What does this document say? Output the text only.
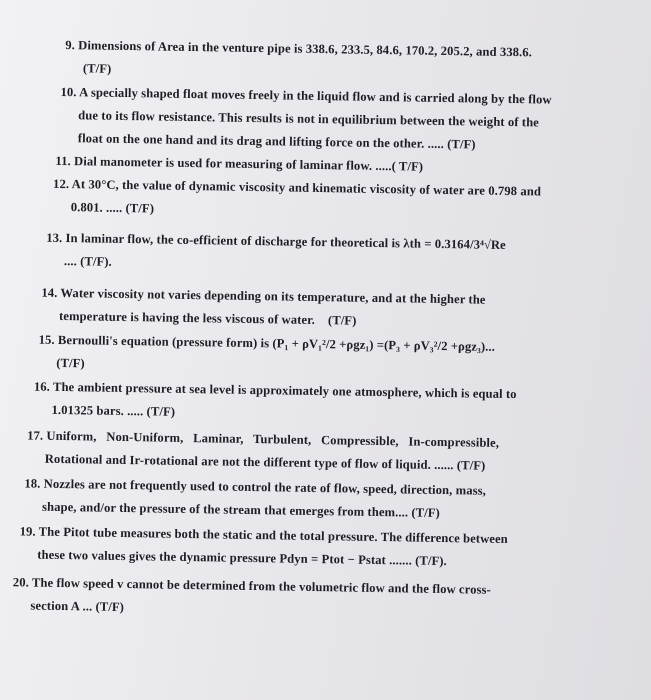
9. Dimensions of Area in the venture pipe is 338.6, 233.5, 84.6, 170.2, 205.2, and 338.6.
(T/F)
10. A specially shaped float moves freely in the liquid flow and is carried along by the flow
due to its flow resistance. This results is not in equilibrium between the weight of the
float on the one hand and its drag and lifting force on the other. ..... (T/F)
11. Dial manometer is used for measuring of laminar flow. .....( T/F)
12. At 30°C, the value of dynamic viscosity and kinematic viscosity of water are 0.798 and
0.801. ..... (T/F)
13. In laminar flow, the co-efficient of discharge for theoretical is λth = 0.3164/3⁴√Re
.... (T/F).
14. Water viscosity not varies depending on its temperature, and at the higher the
temperature is having the less viscous of water.    (T/F)
15. Bernoulli's equation (pressure form) is (P₁ + ρV₁²/2 +ρgz₁) =(P₃ + ρV₃²/2 +ρgz₃)...
(T/F)
16. The ambient pressure at sea level is approximately one atmosphere, which is equal to
1.01325 bars. ..... (T/F)
17. Uniform,   Non-Uniform,   Laminar,   Turbulent,   Compressible,   In-compressible,
Rotational and Ir-rotational are not the different type of flow of liquid. ...... (T/F)
18. Nozzles are not frequently used to control the rate of flow, speed, direction, mass,
shape, and/or the pressure of the stream that emerges from them.... (T/F)
19. The Pitot tube measures both the static and the total pressure. The difference between
these two values gives the dynamic pressure Pdyn = Ptot − Pstat ....... (T/F).
20. The flow speed v cannot be determined from the volumetric flow and the flow cross-
section A ... (T/F)
